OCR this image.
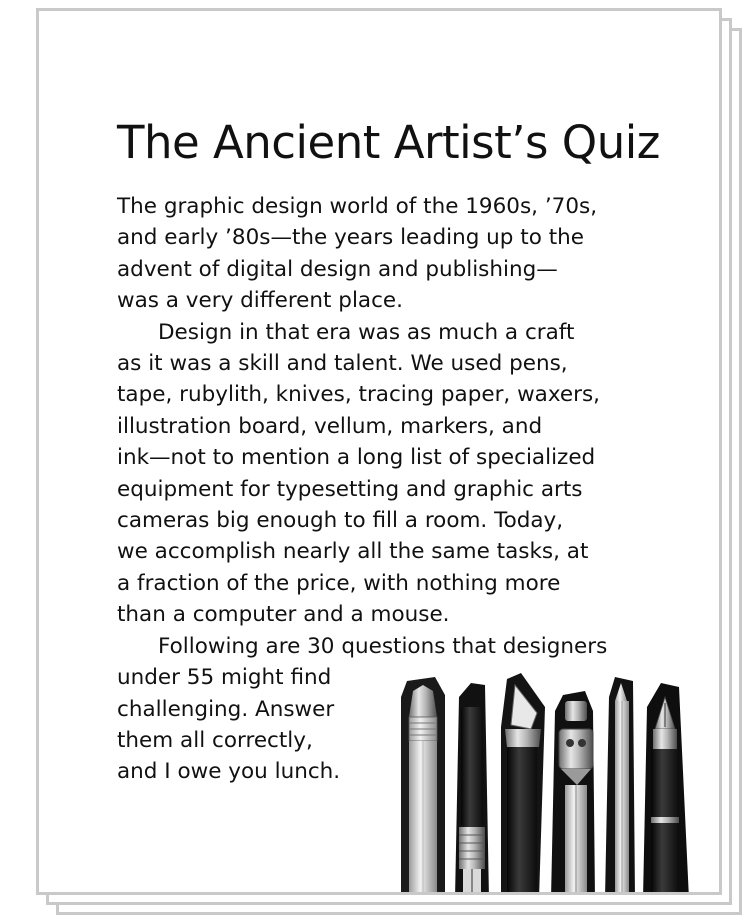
The Ancient Artist’s Quiz

The graphic design world of the 1960s, ’70s,
and early ’80s—the years leading up to the
advent of digital design and publishing—
was a very different place.

Design in that era was as much a craft
as it was a skill and talent. We used pens,
tape, rubylith, knives, tracing paper, waxers,
illustration board, vellum, markers, and
ink—not to mention a long list of specialized
equipment for typesetting and graphic arts
cameras big enough to fill a room. Today,
we accomplish nearly all the same tasks, at
a fraction of the price, with nothing more
than a computer and a mouse.

Following are 30 questions that designers
under 55 might find
challenging. Answer
them all correctly,
and I owe you lunch.
